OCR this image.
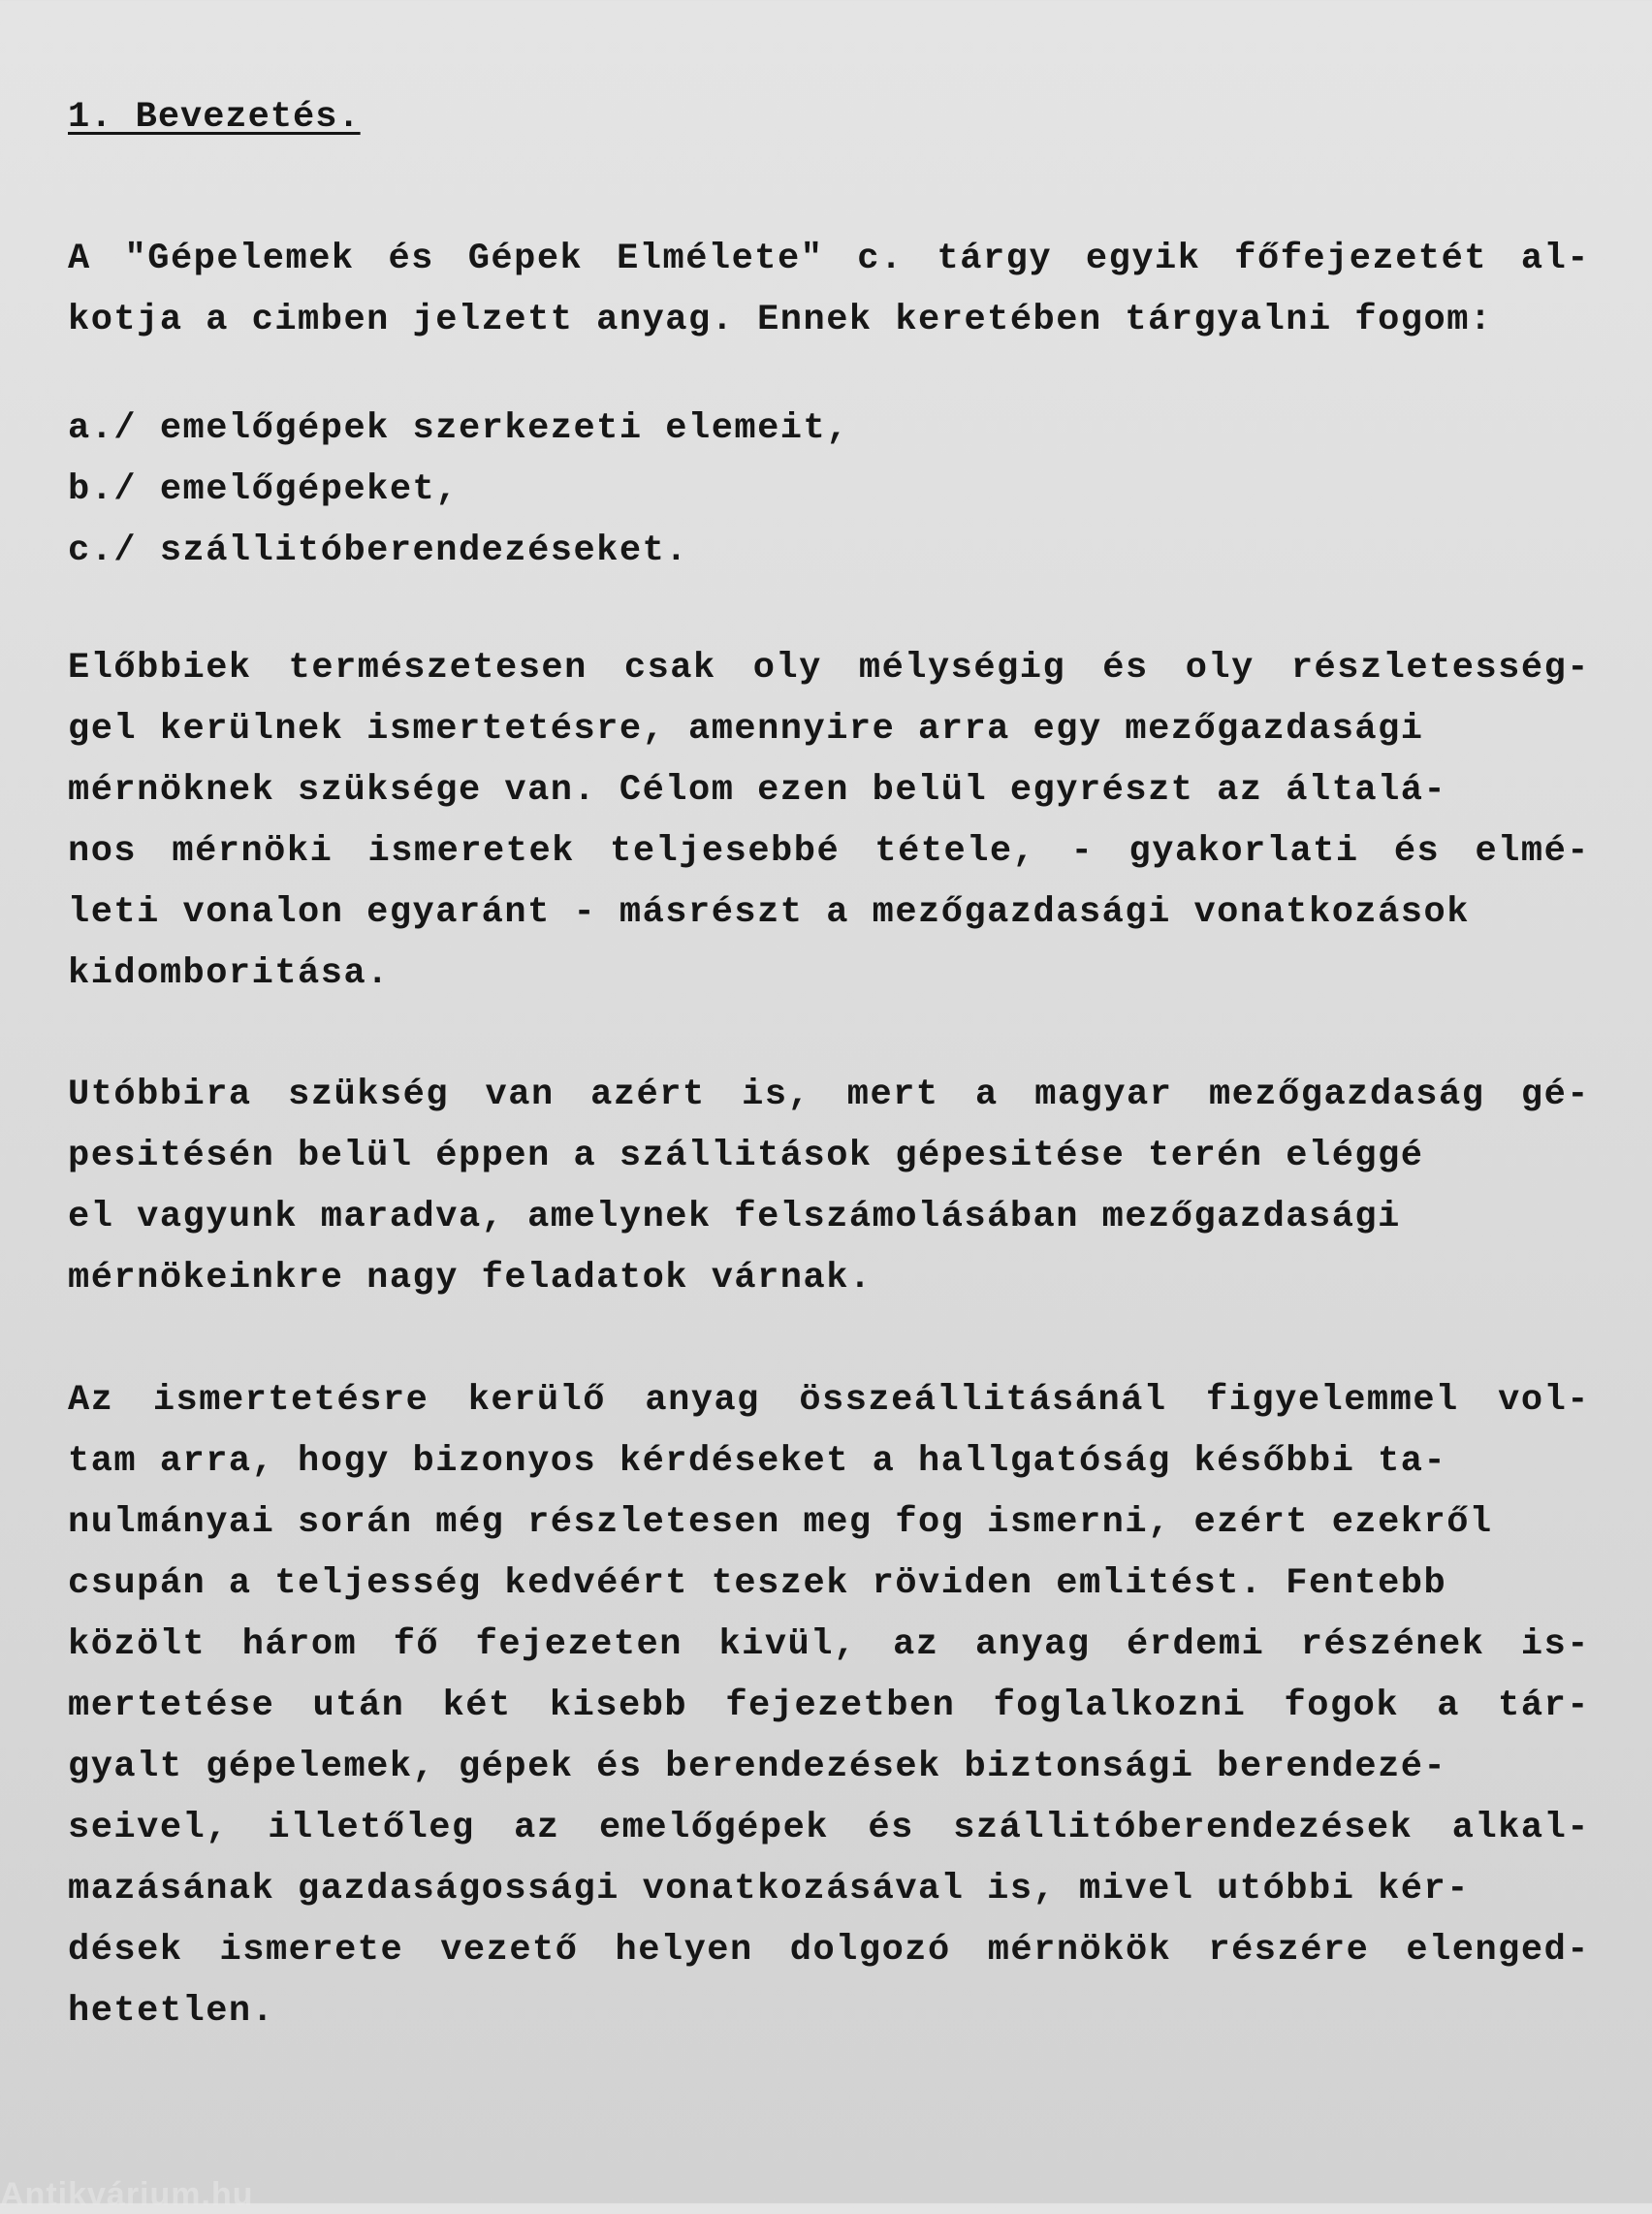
1. Bevezetés.
A "Gépelemek és Gépek Elmélete" c. tárgy egyik főfejezetét al-
kotja a cimben jelzett anyag. Ennek keretében tárgyalni fogom:
a./ emelőgépek szerkezeti elemeit,
b./ emelőgépeket,
c./ szállitóberendezéseket.
Előbbiek természetesen csak oly mélységig és oly részletesség-
gel kerülnek ismertetésre, amennyire arra egy mezőgazdasági
mérnöknek szüksége van. Célom ezen belül egyrészt az általá-
nos mérnöki ismeretek teljesebbé tétele, - gyakorlati és elmé-
leti vonalon egyaránt - másrészt a mezőgazdasági vonatkozások
kidomboritása.
Utóbbira szükség van azért is, mert a magyar mezőgazdaság gé-
pesitésén belül éppen a szállitások gépesitése terén eléggé
el vagyunk maradva, amelynek felszámolásában mezőgazdasági
mérnökeinkre nagy feladatok várnak.
Az ismertetésre kerülő anyag összeállitásánál figyelemmel vol-
tam arra, hogy bizonyos kérdéseket a hallgatóság későbbi ta-
nulmányai során még részletesen meg fog ismerni, ezért ezekről
csupán a teljesség kedvéért teszek röviden emlitést. Fentebb
közölt három fő fejezeten kivül, az anyag érdemi részének is-
mertetése után két kisebb fejezetben foglalkozni fogok a tár-
gyalt gépelemek, gépek és berendezések biztonsági berendezé-
seivel, illetőleg az emelőgépek és szállitóberendezések alkal-
mazásának gazdaságossági vonatkozásával is, mivel utóbbi kér-
dések ismerete vezető helyen dolgozó mérnökök részére elenged-
hetetlen.
Antikvárium.hu
